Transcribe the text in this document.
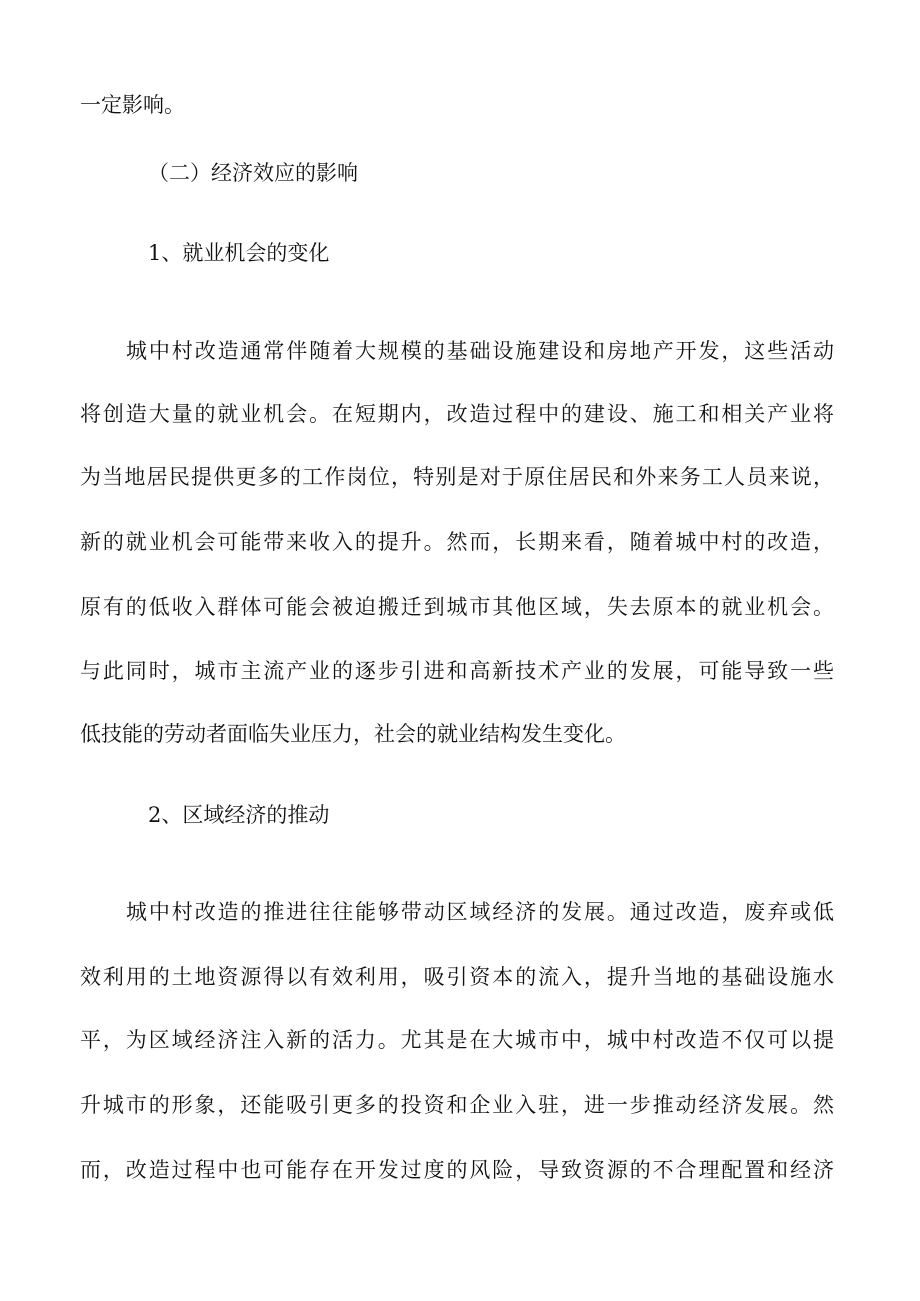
一定影响。
（二）经济效应的影响
1、就业机会的变化
城中村改造通常伴随着大规模的基础设施建设和房地产开发，这些活动
将创造大量的就业机会。在短期内，改造过程中的建设、施工和相关产业将
为当地居民提供更多的工作岗位，特别是对于原住居民和外来务工人员来说，
新的就业机会可能带来收入的提升。然而，长期来看，随着城中村的改造，
原有的低收入群体可能会被迫搬迁到城市其他区域，失去原本的就业机会。
与此同时，城市主流产业的逐步引进和高新技术产业的发展，可能导致一些
低技能的劳动者面临失业压力，社会的就业结构发生变化。
2、区域经济的推动
城中村改造的推进往往能够带动区域经济的发展。通过改造，废弃或低
效利用的土地资源得以有效利用，吸引资本的流入，提升当地的基础设施水
平，为区域经济注入新的活力。尤其是在大城市中，城中村改造不仅可以提
升城市的形象，还能吸引更多的投资和企业入驻，进一步推动经济发展。然
而，改造过程中也可能存在开发过度的风险，导致资源的不合理配置和经济
